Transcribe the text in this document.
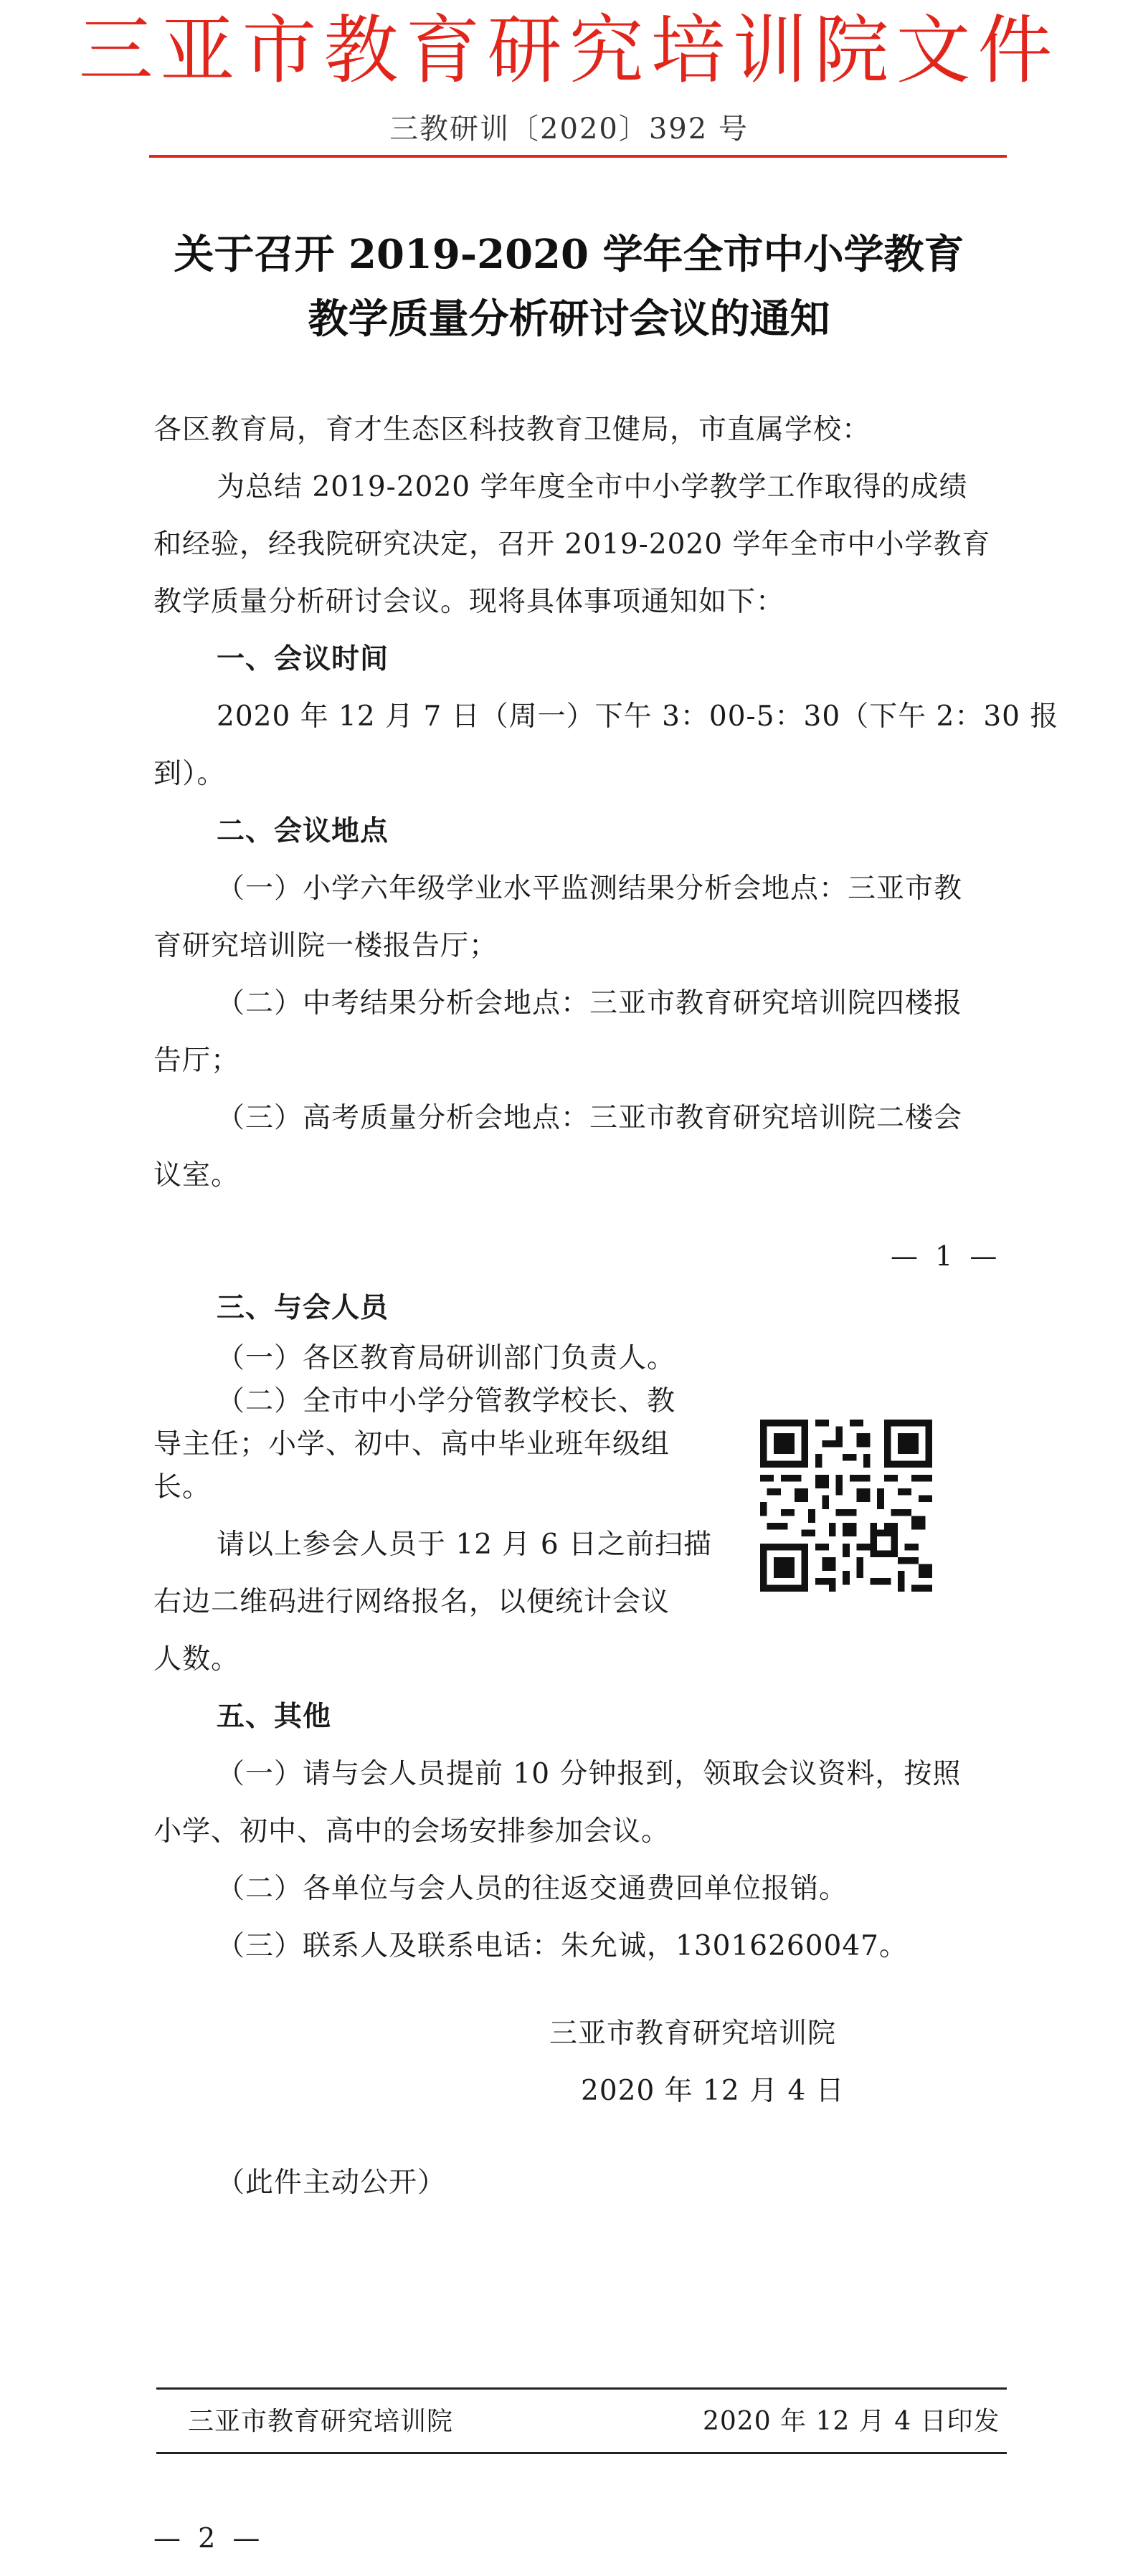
三亚市教育研究培训院文件
三教研训〔2020〕392 号
关于召开 2019-2020 学年全市中小学教育
教学质量分析研讨会议的通知
各区教育局，育才生态区科技教育卫健局，市直属学校：
为总结 2019-2020 学年度全市中小学教学工作取得的成绩
和经验，经我院研究决定，召开 2019-2020 学年全市中小学教育
教学质量分析研讨会议。现将具体事项通知如下：
一、会议时间
2020 年 12 月 7 日（周一）下午 3：00-5：30（下午 2：30 报
到）。
二、会议地点
（一）小学六年级学业水平监测结果分析会地点：三亚市教
育研究培训院一楼报告厅；
（二）中考结果分析会地点：三亚市教育研究培训院四楼报
告厅；
（三）高考质量分析会地点：三亚市教育研究培训院二楼会
议室。
— 1 —
三、与会人员
（一）各区教育局研训部门负责人。
（二）全市中小学分管教学校长、教
导主任；小学、初中、高中毕业班年级组
长。
请以上参会人员于 12 月 6 日之前扫描
右边二维码进行网络报名，以便统计会议
人数。
五、其他
（一）请与会人员提前 10 分钟报到，领取会议资料，按照
小学、初中、高中的会场安排参加会议。
（二）各单位与会人员的往返交通费回单位报销。
（三）联系人及联系电话：朱允诚，13016260047。
三亚市教育研究培训院
2020 年 12 月 4 日
（此件主动公开）
三亚市教育研究培训院	2020 年 12 月 4 日印发
— 2 —
